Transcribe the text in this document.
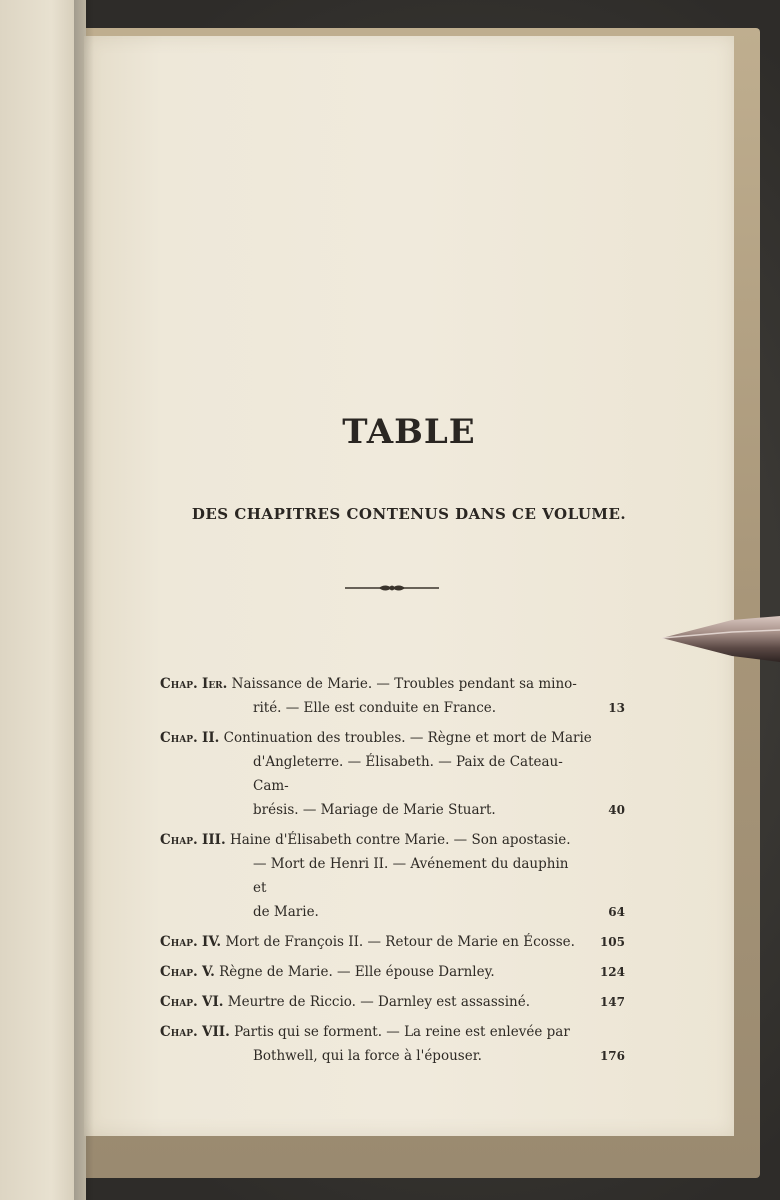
TABLE
DES CHAPITRES CONTENUS DANS CE VOLUME.
Chap. Ier. Naissance de Marie. — Troubles pendant sa mino-
rité. — Elle est conduite en France.	13
Chap. II. Continuation des troubles. — Règne et mort de Marie
d'Angleterre. — Élisabeth. — Paix de Cateau-Cam-
brésis. — Mariage de Marie Stuart.	40
Chap. III. Haine d'Élisabeth contre Marie. — Son apostasie.
— Mort de Henri II. — Avénement du dauphin et
de Marie.	64
Chap. IV. Mort de François II. — Retour de Marie en Écosse.	105
Chap. V. Règne de Marie. — Elle épouse Darnley.	124
Chap. VI. Meurtre de Riccio. — Darnley est assassiné.	147
Chap. VII. Partis qui se forment. — La reine est enlevée par
Bothwell, qui la force à l'épouser.	176
